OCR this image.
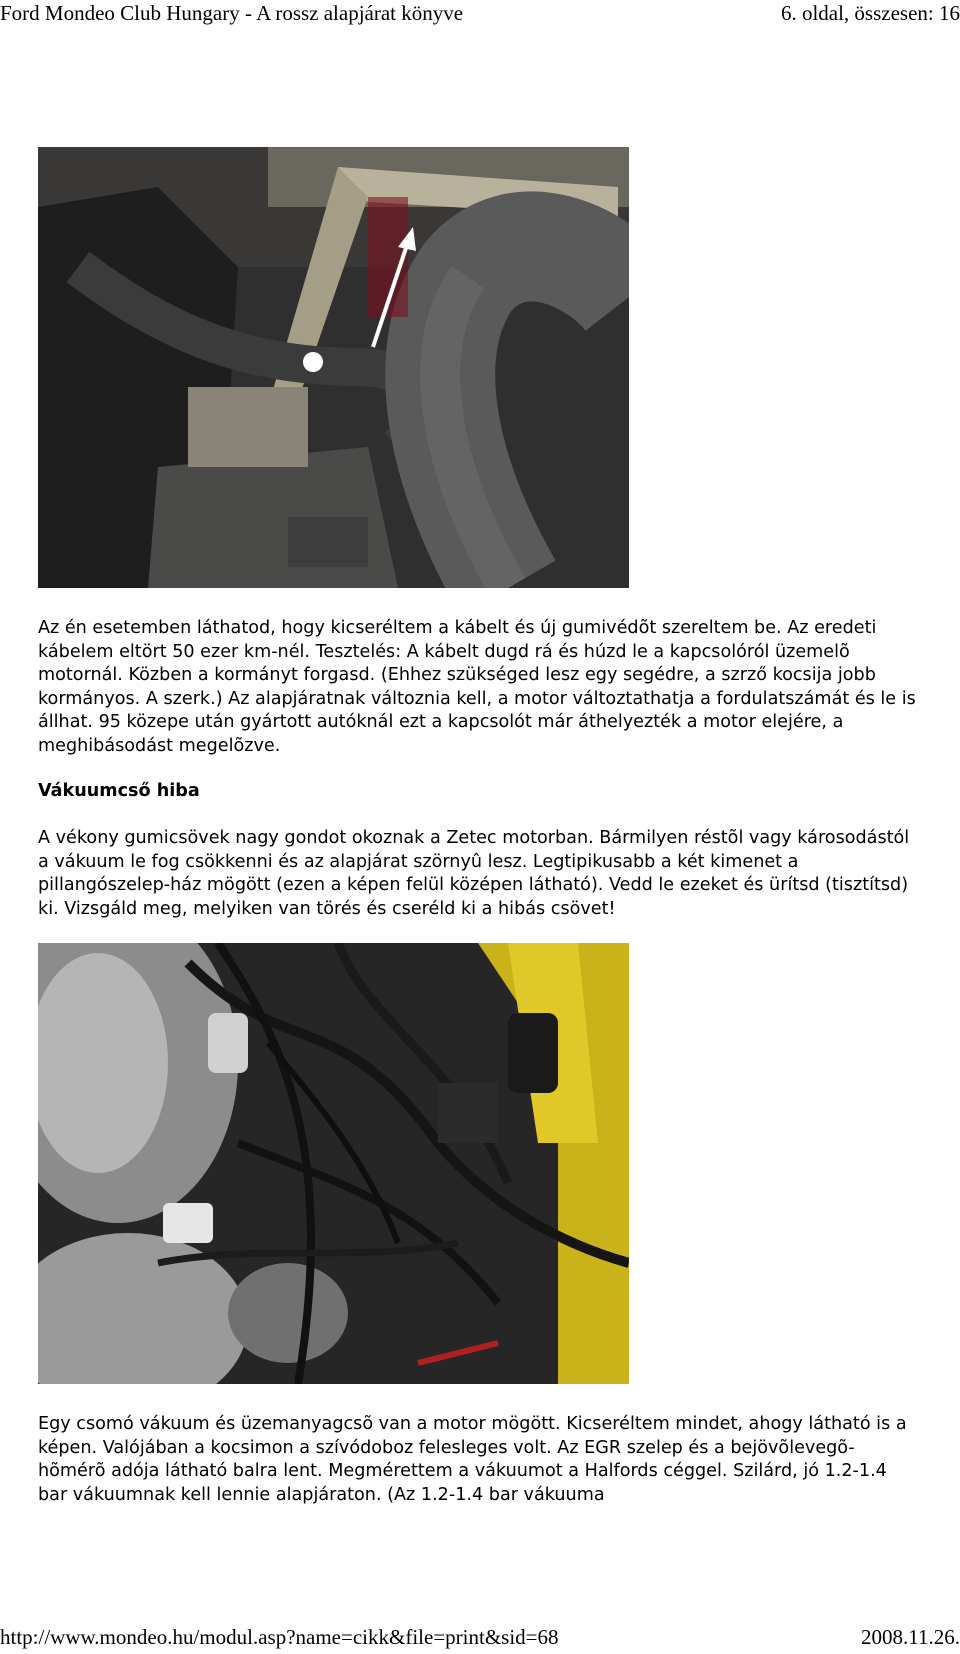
Ford Mondeo Club Hungary - A rossz alapjárat könyve	6. oldal, összesen: 16

Az én esetemben láthatod, hogy kicseréltem a kábelt és új gumivédõt szereltem be. Az eredeti kábelem eltört 50 ezer km-nél. Tesztelés: A kábelt dugd rá és húzd le a kapcsolóról üzemelõ motornál. Közben a kormányt forgasd. (Ehhez szükséged lesz egy segédre, a szrző kocsija jobb kormányos. A szerk.) Az alapjáratnak változnia kell, a motor változtathatja a fordulatszámát és le is állhat. 95 közepe után gyártott autóknál ezt a kapcsolót már áthelyezték a motor elejére, a meghibásodást megelõzve.

Vákuumcső hiba

A vékony gumicsövek nagy gondot okoznak a Zetec motorban. Bármilyen réstõl vagy károsodástól a vákuum le fog csökkenni és az alapjárat szörnyû lesz. Legtipikusabb a két kimenet a pillangószelep-ház mögött (ezen a képen felül középen látható). Vedd le ezeket és ürítsd (tisztítsd) ki. Vizsgáld meg, melyiken van törés és cseréld ki a hibás csövet!

Egy csomó vákuum és üzemanyagcsõ van a motor mögött. Kicseréltem mindet, ahogy látható is a képen. Valójában a kocsimon a szívódoboz felesleges volt. Az EGR szelep és a bejövõlevegõ-hõmérõ adója látható balra lent. Megmérettem a vákuumot a Halfords céggel. Szilárd, jó 1.2-1.4 bar vákuumnak kell lennie alapjáraton. (Az 1.2-1.4 bar vákuuma

http://www.mondeo.hu/modul.asp?name=cikk&file=print&sid=68	2008.11.26.
